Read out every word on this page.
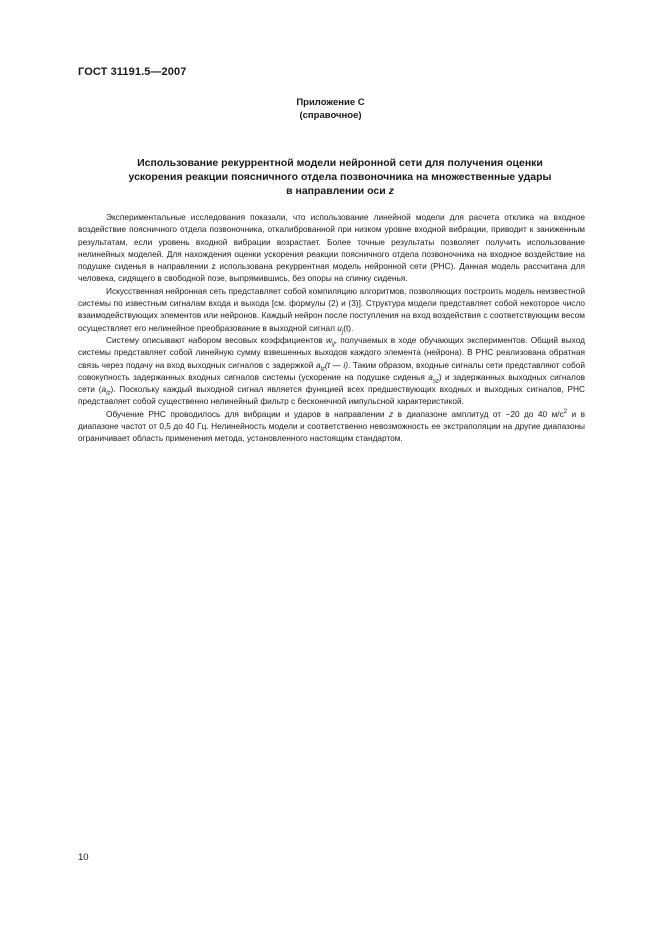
ГОСТ 31191.5—2007
Приложение С
(справочное)
Использование рекуррентной модели нейронной сети для получения оценки
ускорения реакции поясничного отдела позвоночника на множественные удары
в направлении оси z

Экспериментальные исследования показали, что использование линейной модели для расчета отклика на входное воздействие поясничного отдела позвоночника, откалиброванной при низком уровне входной вибрации, приводит к заниженным результатам, если уровень входной вибрации возрастает. Более точные результаты позволяет получить использование нелинейных моделей. Для нахождения оценки ускорения реакции поясничного отдела позвоночника на входное воздействие на подушке сиденья в направлении z использована рекуррентная модель нейронной сети (РНС). Данная модель рассчитана для человека, сидящего в свободной позе, выпрямившись, без опоры на спинку сиденья.

Искусственная нейронная сеть представляет собой компиляцию алгоритмов, позволяющих построить модель неизвестной системы по известным сигналам входа и выхода [см. формулы (2) и (3)]. Структура модели представляет собой некоторое число взаимодействующих элементов или нейронов. Каждый нейрон после поступления на вход воздействия с соответствующим весом осуществляет его нелинейное преобразование в выходной сигнал $u_j(t)$.

Систему описывают набором весовых коэффициентов $w_{ij}$, получаемых в ходе обучающих экспериментов. Общий выход системы представляет собой линейную сумму взвешенных выходов каждого элемента (нейрона). В РНС реализована обратная связь через подачу на вход выходных сигналов с задержкой $a_{lz}(t$ — i). Таким образом, входные сигналы сети представляют собой совокупность задержанных входных сигналов системы (ускорение на подушке сиденья $a_{sz}$) и задержанных выходных сигналов сети $(a_{lz})$. Поскольку каждый выходной сигнал является функцией всех предшествующих входных и выходных сигналов, РНС представляет собой существенно нелинейный фильтр с бесконечной импульсной характеристикой.

Обучение РНС проводилось для вибрации и ударов в направлении z в диапазоне амплитуд от −20 до 40 $м/с^2$ и в диапазоне частот от 0,5 до 40 Гц. Нелинейность модели и соответственно невозможность ее экстраполяции на другие диапазоны ограничивает область применения метода, установленного настоящим стандартом.

10
